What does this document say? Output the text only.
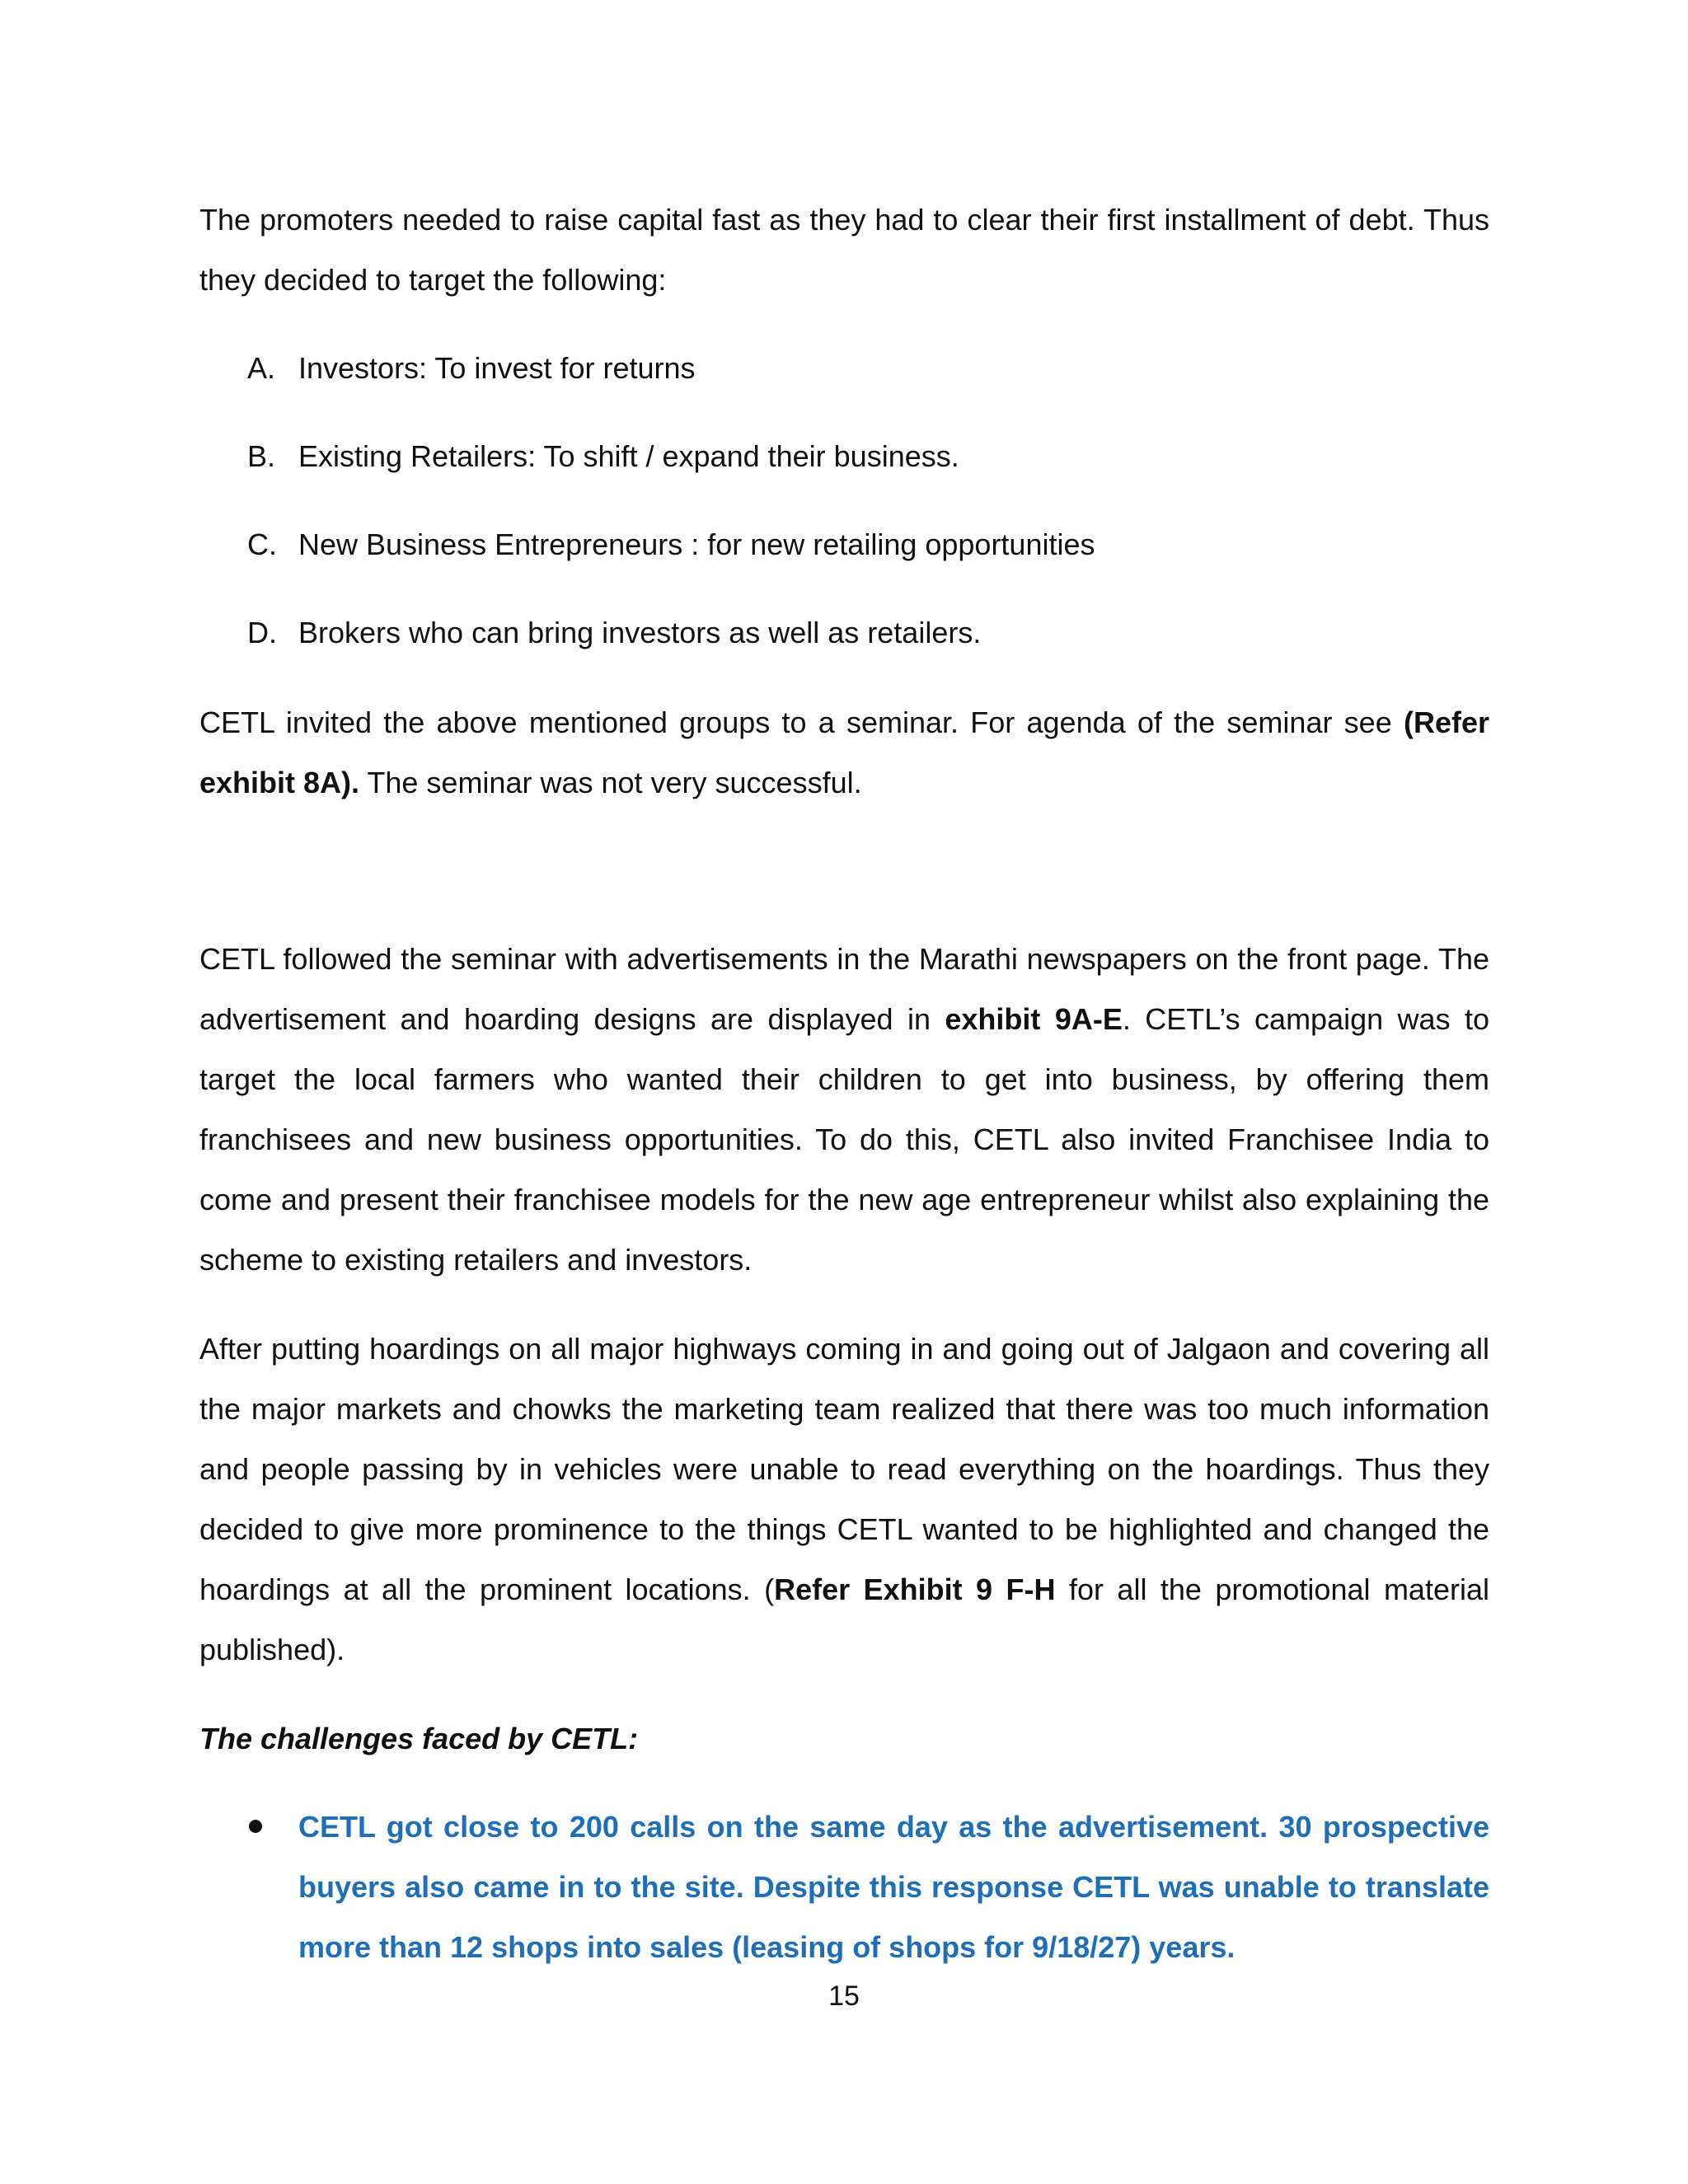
The promoters needed to raise capital fast as they had to clear their first installment of debt. Thus they decided to target the following:
A. Investors: To invest for returns
B. Existing Retailers: To shift / expand their business.
C. New Business Entrepreneurs : for new retailing opportunities
D. Brokers who can bring investors as well as retailers.
CETL invited the above mentioned groups to a seminar. For agenda of the seminar see (Refer exhibit 8A). The seminar was not very successful.
CETL followed the seminar with advertisements in the Marathi newspapers on the front page. The advertisement and hoarding designs are displayed in exhibit 9A-E. CETL’s campaign was to target the local farmers who wanted their children to get into business, by offering them franchisees and new business opportunities. To do this, CETL also invited Franchisee India to come and present their franchisee models for the new age entrepreneur whilst also explaining the scheme to existing retailers and investors.
After putting hoardings on all major highways coming in and going out of Jalgaon and covering all the major markets and chowks the marketing team realized that there was too much information and people passing by in vehicles were unable to read everything on the hoardings. Thus they decided to give more prominence to the things CETL wanted to be highlighted and changed the hoardings at all the prominent locations. (Refer Exhibit 9 F-H for all the promotional material published).
The challenges faced by CETL:
CETL got close to 200 calls on the same day as the advertisement. 30 prospective buyers also came in to the site. Despite this response CETL was unable to translate more than 12 shops into sales (leasing of shops for 9/18/27) years.
15
